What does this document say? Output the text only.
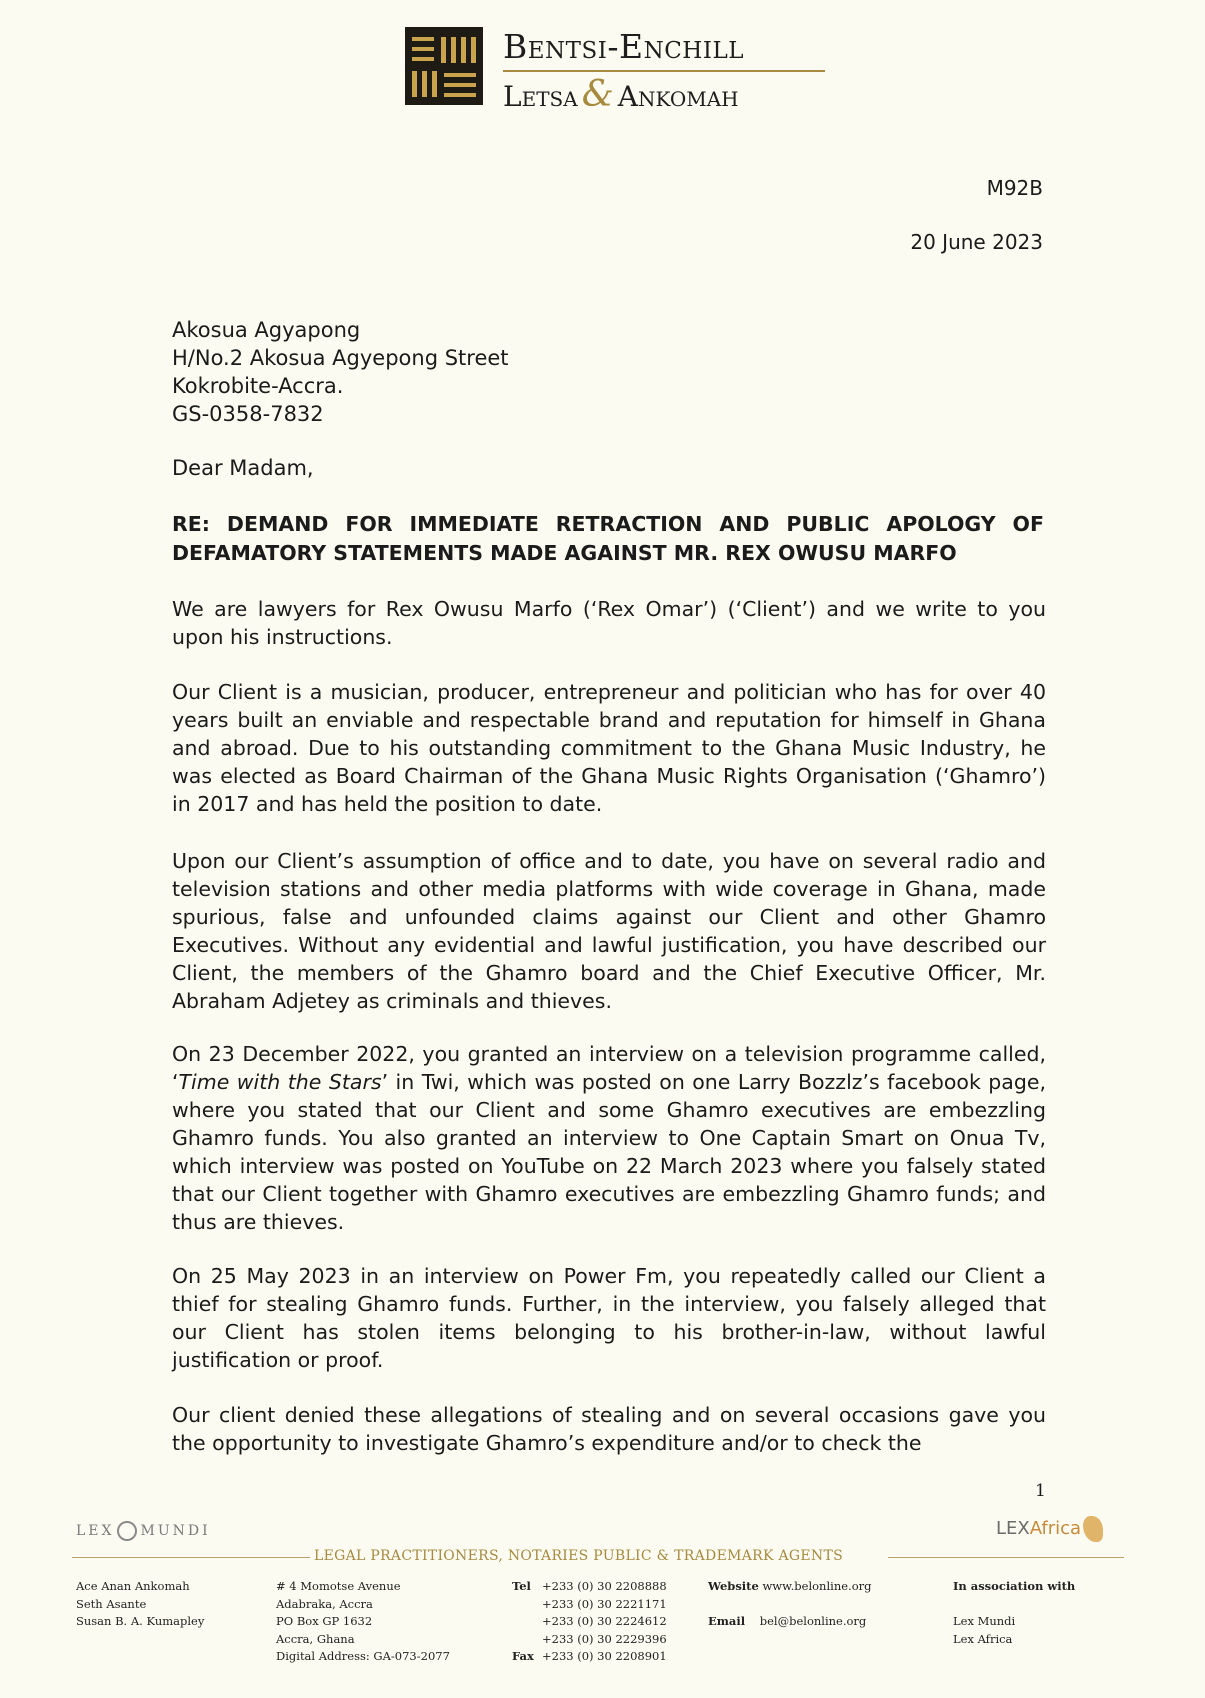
Bentsi-Enchill
Letsa & Ankomah
M92B
20 June 2023
Akosua Agyapong
H/No.2 Akosua Agyepong Street
Kokrobite-Accra.
GS-0358-7832
Dear Madam,
RE: DEMAND FOR IMMEDIATE RETRACTION AND PUBLIC APOLOGY OF
DEFAMATORY STATEMENTS MADE AGAINST MR. REX OWUSU MARFO
We are lawyers for Rex Owusu Marfo (‘Rex Omar’) (‘Client’) and we write to you upon his instructions.
Our Client is a musician, producer, entrepreneur and politician who has for over 40 years built an enviable and respectable brand and reputation for himself in Ghana and abroad. Due to his outstanding commitment to the Ghana Music Industry, he was elected as Board Chairman of the Ghana Music Rights Organisation (‘Ghamro’) in 2017 and has held the position to date.
Upon our Client’s assumption of office and to date, you have on several radio and television stations and other media platforms with wide coverage in Ghana, made spurious, false and unfounded claims against our Client and other Ghamro Executives. Without any evidential and lawful justification, you have described our Client, the members of the Ghamro board and the Chief Executive Officer, Mr. Abraham Adjetey as criminals and thieves.
On 23 December 2022, you granted an interview on a television programme called, ‘Time with the Stars’ in Twi, which was posted on one Larry Bozzlz’s facebook page, where you stated that our Client and some Ghamro executives are embezzling Ghamro funds. You also granted an interview to One Captain Smart on Onua Tv, which interview was posted on YouTube on 22 March 2023 where you falsely stated that our Client together with Ghamro executives are embezzling Ghamro funds; and thus are thieves.
On 25 May 2023 in an interview on Power Fm, you repeatedly called our Client a thief for stealing Ghamro funds. Further, in the interview, you falsely alleged that our Client has stolen items belonging to his brother-in-law, without lawful justification or proof.
Our client denied these allegations of stealing and on several occasions gave you the opportunity to investigate Ghamro’s expenditure and/or to check the
1
LEX MUNDI	LEXAfrica
LEGAL PRACTITIONERS, NOTARIES PUBLIC & TRADEMARK AGENTS
Ace Anan Ankomah
Seth Asante
Susan B. A. Kumapley
# 4 Momotse Avenue
Adabraka, Accra
PO Box GP 1632
Accra, Ghana
Digital Address: GA-073-2077
Tel +233 (0) 30 2208888
+233 (0) 30 2221171
+233 (0) 30 2224612
+233 (0) 30 2229396
Fax +233 (0) 30 2208901
Website www.belonline.org

Email bel@belonline.org
In association with

Lex Mundi
Lex Africa
